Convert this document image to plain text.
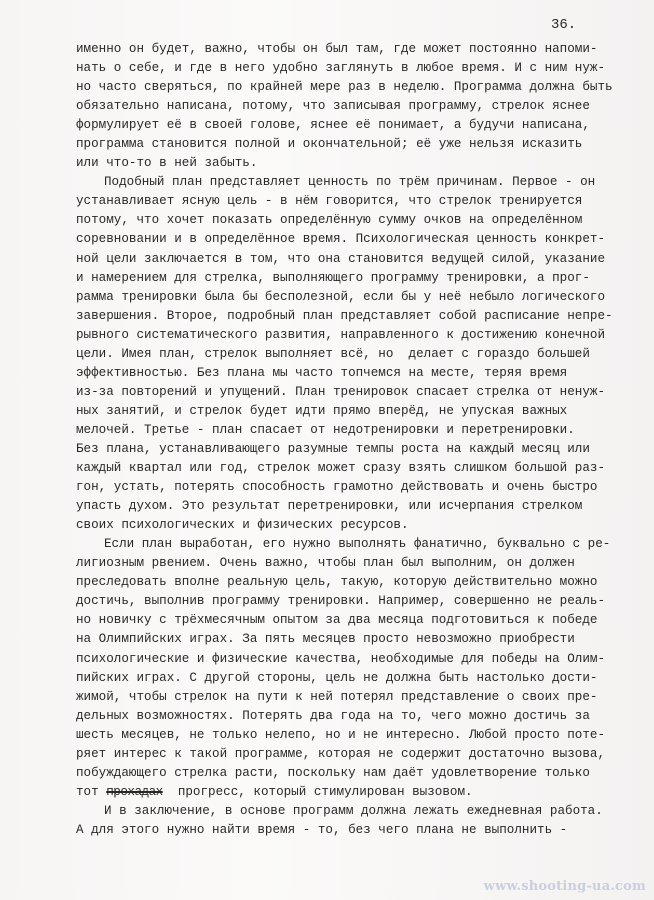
36.
именно он будет, важно, чтобы он был там, где может постоянно напоми-
нать о себе, и где в него удобно заглянуть в любое время. И с ним нуж-
но часто сверяться, по крайней мере раз в неделю. Программа должна быть
обязательно написана, потому, что записывая программу, стрелок яснее
формулирует её в своей голове, яснее её понимает, а будучи написана,
программа становится полной и окончательной; её уже нельзя исказить
или что-то в ней забыть.
Подобный план представляет ценность по трём причинам. Первое - он
устанавливает ясную цель - в нём говорится, что стрелок тренируется
потому, что хочет показать определённую сумму очков на определённом
соревновании и в определённое время. Психологическая ценность конкрет-
ной цели заключается в том, что она становится ведущей силой, указание
и намерением для стрелка, выполняющего программу тренировки, а прог-
рамма тренировки была бы бесполезной, если бы у неё небыло логического
завершения. Второе, подробный план представляет собой расписание непре-
рывного систематического развития, направленного к достижению конечной
цели. Имея план, стрелок выполняет всё, но  делает с гораздо большей
эффективностью. Без плана мы часто топчемся на месте, теряя время
из-за повторений и упущений. План тренировок спасает стрелка от ненуж-
ных занятий, и стрелок будет идти прямо вперёд, не упуская важных
мелочей. Третье - план спасает от недотренировки и перетренировки.
Без плана, устанавливающего разумные темпы роста на каждый месяц или
каждый квартал или год, стрелок может сразу взять слишком большой раз-
гон, устать, потерять способность грамотно действовать и очень быстро
упасть духом. Это результат перетренировки, или исчерпания стрелком
своих психологических и физических ресурсов.
Если план выработан, его нужно выполнять фанатично, буквально с ре-
лигиозным рвением. Очень важно, чтобы план был выполним, он должен
преследовать вполне реальную цель, такую, которую действительно можно
достичь, выполнив программу тренировки. Например, совершенно не реаль-
но новичку с трёхмесячным опытом за два месяца подготовиться к победе
на Олимпийских играх. За пять месяцев просто невозможно приобрести
психологические и физические качества, необходимые для победы на Олим-
пийских играх. С другой стороны, цель не должна быть настолько дости-
жимой, чтобы стрелок на пути к ней потерял представление о своих пре-
дельных возможностях. Потерять два года на то, чего можно достичь за
шесть месяцев, не только нелепо, но и не интересно. Любой просто поте-
ряет интерес к такой программе, которая не содержит достаточно вызова,
побуждающего стрелка расти, поскольку нам даёт удовлетворение только
тот прохадах  прогресс, который стимулирован вызовом.
И в заключение, в основе программ должна лежать ежедневная работа.
А для этого нужно найти время - то, без чего плана не выполнить -
www.shooting-ua.com
